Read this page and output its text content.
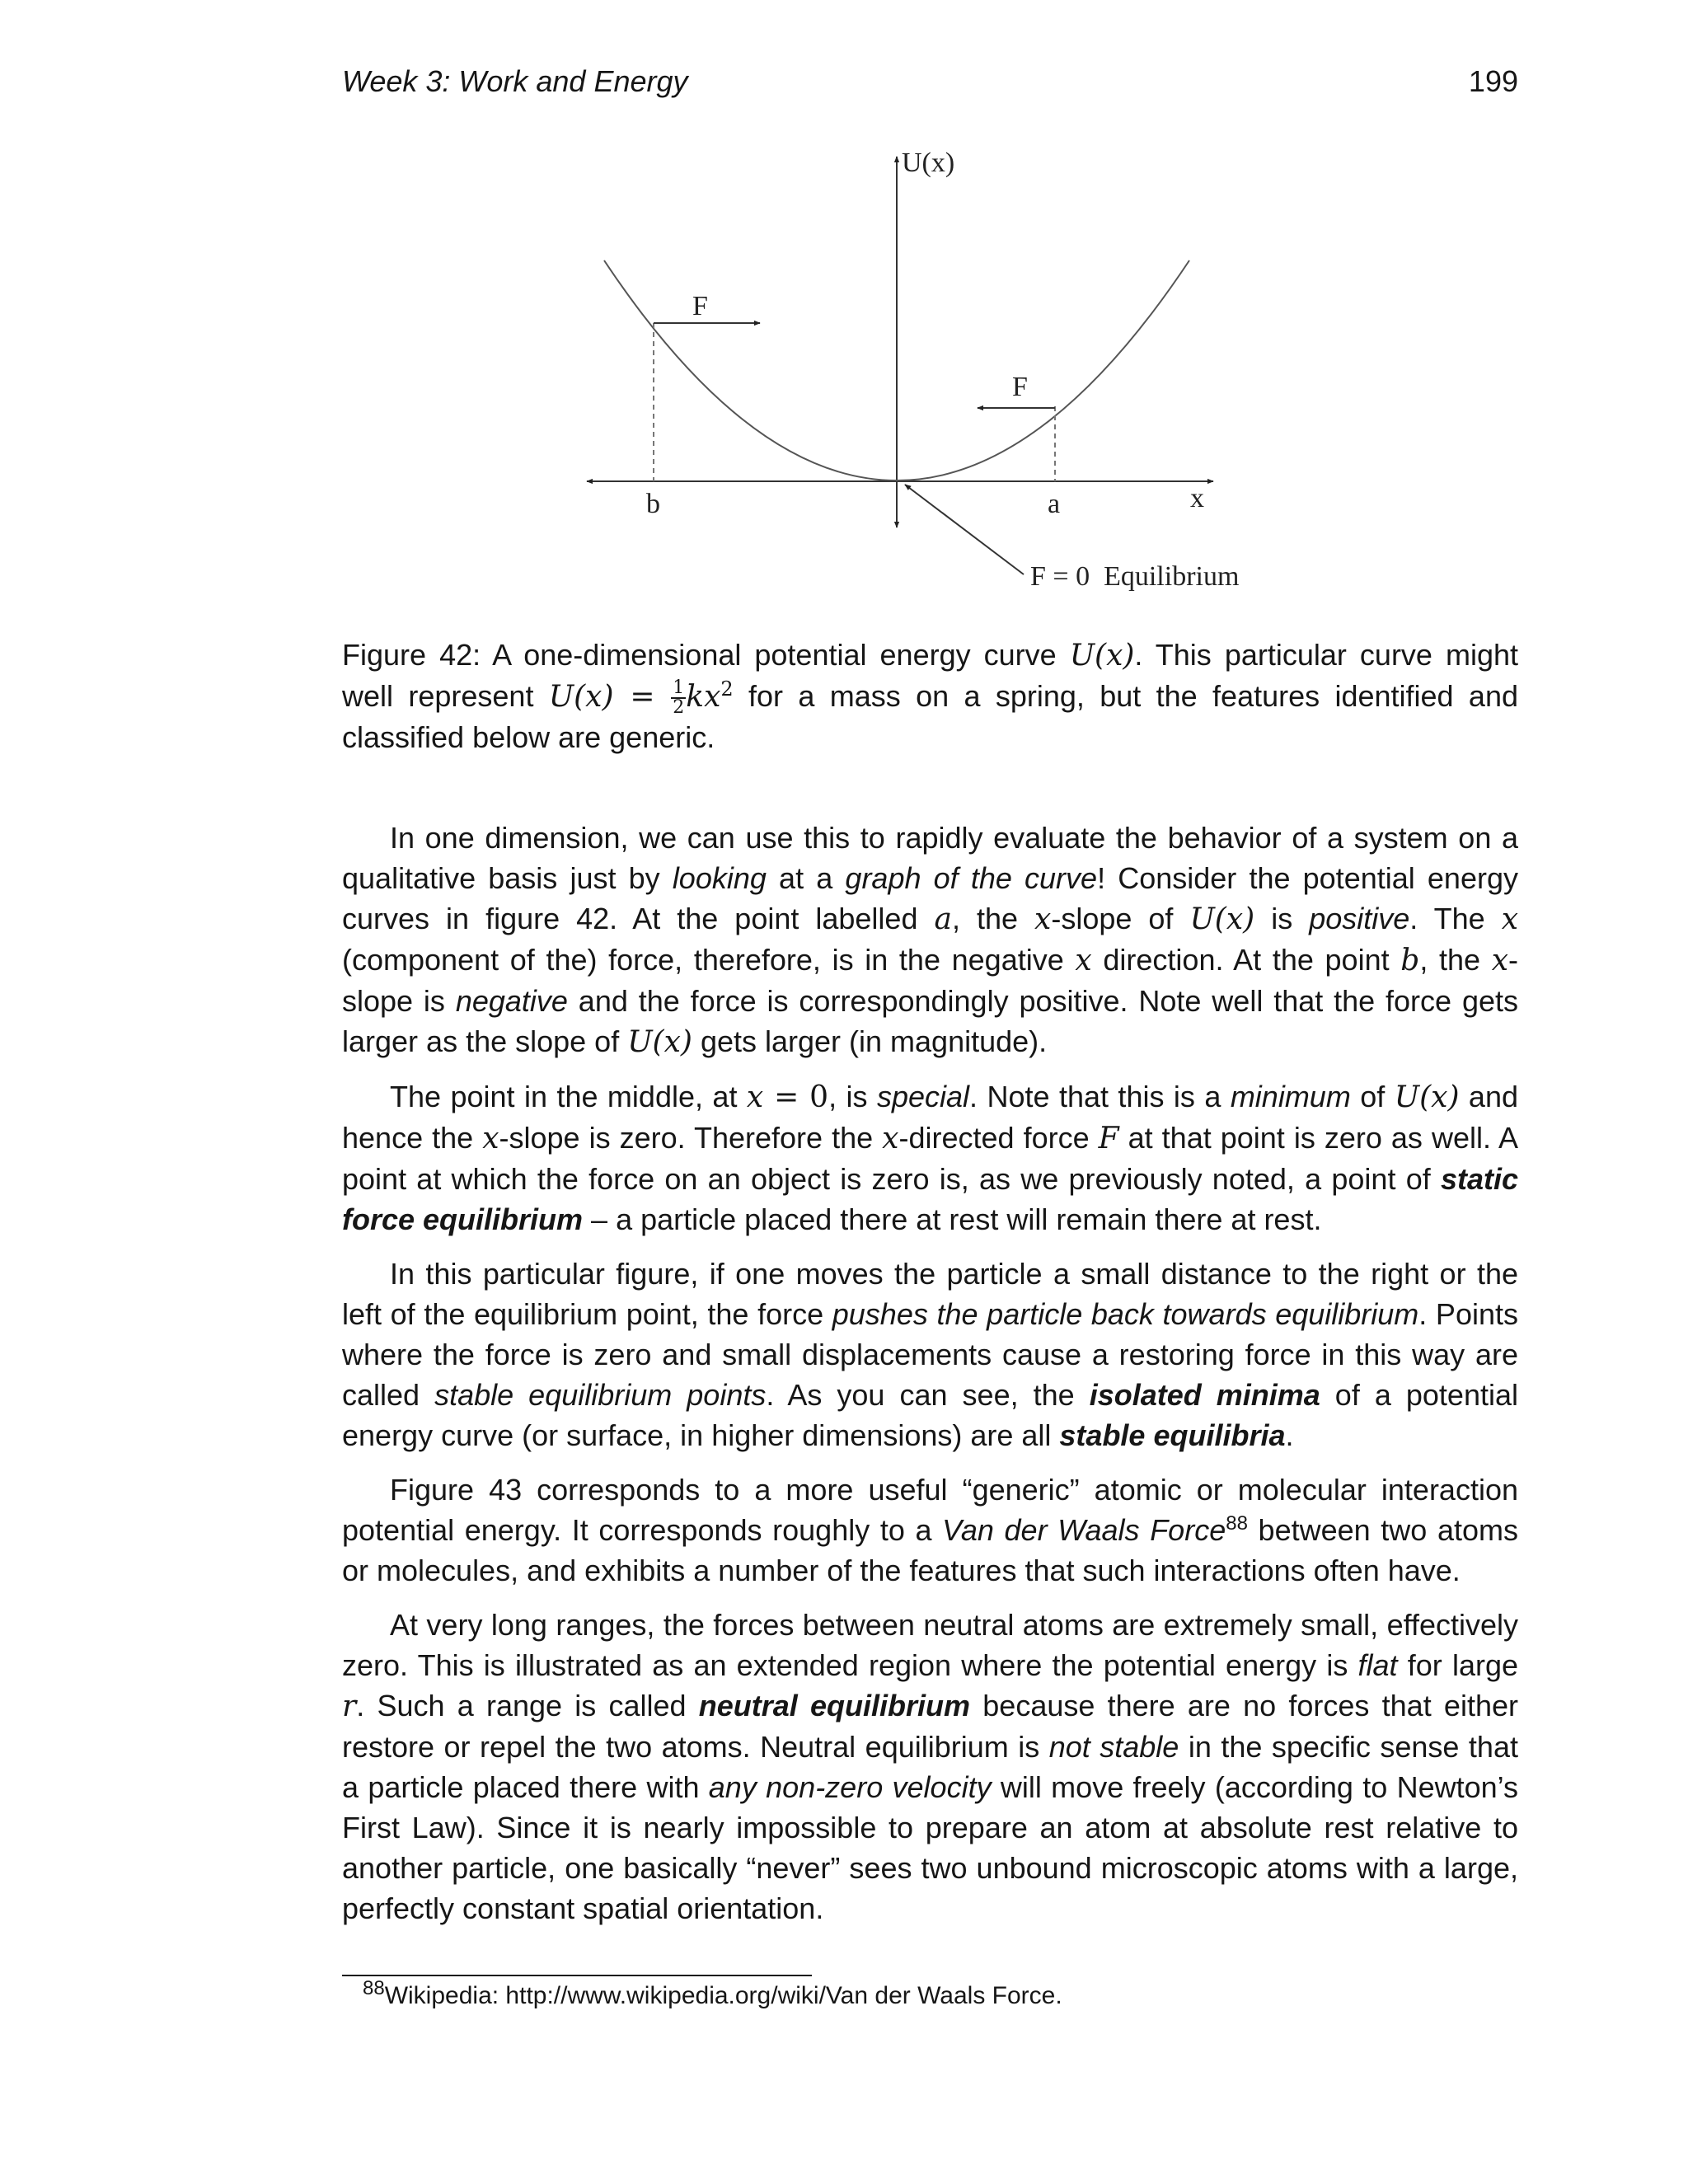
Week 3: Work and Energy	199
U(x)
x
b	a
F
F
F = 0  Equilibrium

Figure 42: A one-dimensional potential energy curve U(x). This particular curve might well represent $U(x) = \frac{1}{2} kx^2$ for a mass on a spring, but the features identified and classified below are generic.

In one dimension, we can use this to rapidly evaluate the behavior of a system on a qualitative basis just by looking at a graph of the curve! Consider the potential energy curves in figure 42. At the point labelled a, the x-slope of U(x) is positive. The x (component of the) force, therefore, is in the negative x direction. At the point b, the x-slope is negative and the force is correspondingly positive. Note well that the force gets larger as the slope of U(x) gets larger (in magnitude).

The point in the middle, at x = 0, is special. Note that this is a minimum of U(x) and hence the x-slope is zero. Therefore the x-directed force F at that point is zero as well. A point at which the force on an object is zero is, as we previously noted, a point of static force equilibrium – a particle placed there at rest will remain there at rest.

In this particular figure, if one moves the particle a small distance to the right or the left of the equilibrium point, the force pushes the particle back towards equilibrium. Points where the force is zero and small displacements cause a restoring force in this way are called stable equilibrium points. As you can see, the isolated minima of a potential energy curve (or surface, in higher dimensions) are all stable equilibria.

Figure 43 corresponds to a more useful “generic” atomic or molecular interaction potential energy. It corresponds roughly to a Van der Waals Force$^{88}$ between two atoms or molecules, and exhibits a number of the features that such interactions often have.

At very long ranges, the forces between neutral atoms are extremely small, effectively zero. This is illustrated as an extended region where the potential energy is flat for large r. Such a range is called neutral equilibrium because there are no forces that either restore or repel the two atoms. Neutral equilibrium is not stable in the specific sense that a particle placed there with any non-zero velocity will move freely (according to Newton’s First Law). Since it is nearly impossible to prepare an atom at absolute rest relative to another particle, one basically “never” sees two unbound microscopic atoms with a large, perfectly constant spatial orientation.

$^{88}$Wikipedia: http://www.wikipedia.org/wiki/Van der Waals Force.
